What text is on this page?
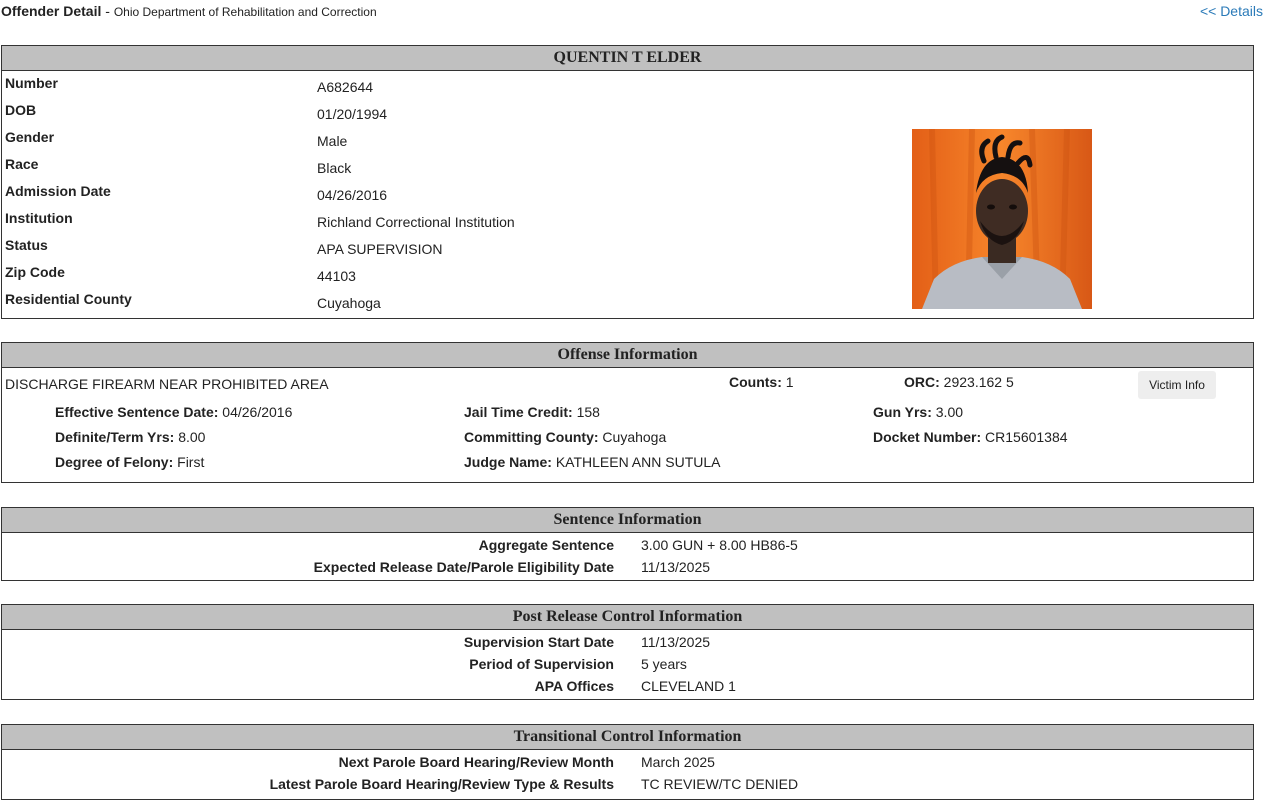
Offender Detail - Ohio Department of Rehabilitation and Correction	<< Details
QUENTIN T ELDER
Number	A682644
DOB	01/20/1994
Gender	Male
Race	Black
Admission Date	04/26/2016
Institution	Richland Correctional Institution
Status	APA SUPERVISION
Zip Code	44103
Residential County	Cuyahoga
Offense Information
DISCHARGE FIREARM NEAR PROHIBITED AREA	Counts: 1	ORC: 2923.162 5	Victim Info
Effective Sentence Date: 04/26/2016	Jail Time Credit: 158	Gun Yrs: 3.00
Definite/Term Yrs: 8.00	Committing County: Cuyahoga	Docket Number: CR15601384
Degree of Felony: First	Judge Name: KATHLEEN ANN SUTULA
Sentence Information
Aggregate Sentence 3.00 GUN + 8.00 HB86-5
Expected Release Date/Parole Eligibility Date 11/13/2025
Post Release Control Information
Supervision Start Date 11/13/2025
Period of Supervision 5 years
APA Offices CLEVELAND 1
Transitional Control Information
Next Parole Board Hearing/Review Month March 2025
Latest Parole Board Hearing/Review Type & Results TC REVIEW/TC DENIED
